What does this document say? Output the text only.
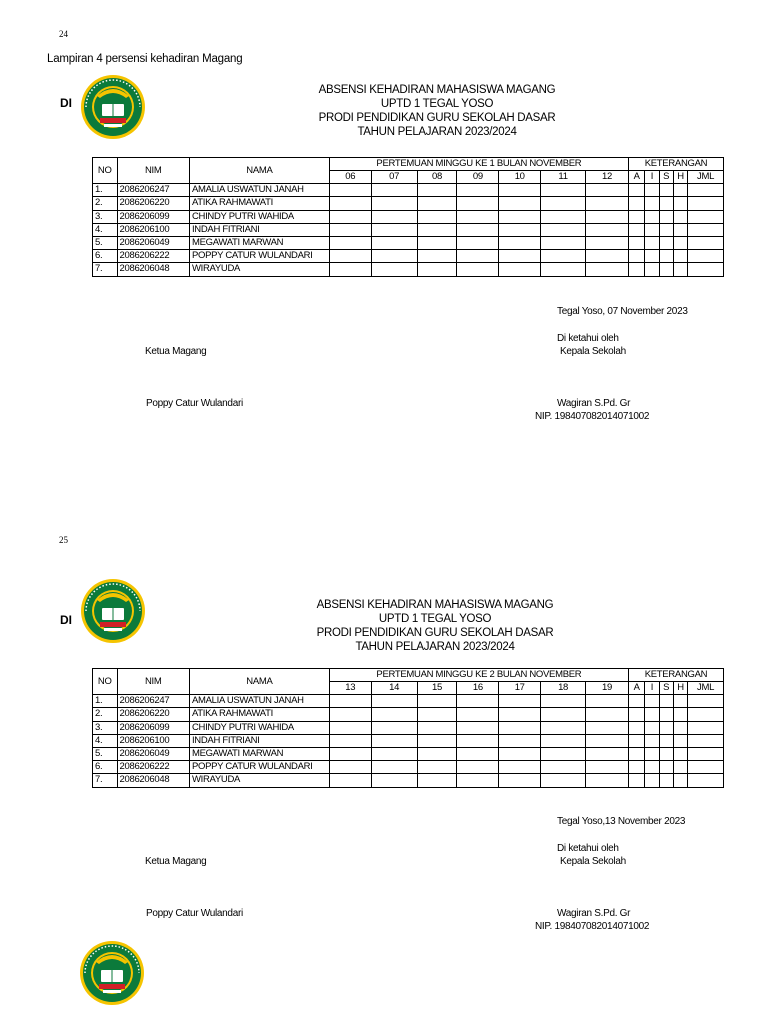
24
Lampiran 4 persensi kehadiran Magang
DI
ABSENSI KEHADIRAN MAHASISWA MAGANG
UPTD 1 TEGAL YOSO
PRODI PENDIDIKAN GURU SEKOLAH DASAR
TAHUN PELAJARAN 2023/2024
NO	NIM	NAMA	PERTEMUAN MINGGU KE 1 BULAN NOVEMBER							KETERANGAN				
			06	07	08	09	10	11	12	A	I	S	H	JML
1.	2086206247	AMALIA USWATUN JANAH												
2.	2086206220	ATIKA RAHMAWATI												
3.	2086206099	CHINDY PUTRI WAHIDA												
4.	2086206100	INDAH FITRIANI												
5.	2086206049	MEGAWATI MARWAN												
6.	2086206222	POPPY CATUR WULANDARI												
7.	2086206048	WIRAYUDA												
Tegal Yoso, 07 November 2023
Di ketahui oleh
Ketua Magang	Kepala Sekolah
Poppy Catur Wulandari	Wagiran S.Pd. Gr
NIP. 198407082014071002
25
DI
ABSENSI KEHADIRAN MAHASISWA MAGANG
UPTD 1 TEGAL YOSO
PRODI PENDIDIKAN GURU SEKOLAH DASAR
TAHUN PELAJARAN 2023/2024
NO	NIM	NAMA	PERTEMUAN MINGGU KE 2 BULAN NOVEMBER							KETERANGAN				
			13	14	15	16	17	18	19	A	I	S	H	JML
1.	2086206247	AMALIA USWATUN JANAH												
2.	2086206220	ATIKA RAHMAWATI												
3.	2086206099	CHINDY PUTRI WAHIDA												
4.	2086206100	INDAH FITRIANI												
5.	2086206049	MEGAWATI MARWAN												
6.	2086206222	POPPY CATUR WULANDARI												
7.	2086206048	WIRAYUDA												
Tegal Yoso,13 November 2023
Di ketahui oleh
Ketua Magang	Kepala Sekolah
Poppy Catur Wulandari	Wagiran S.Pd. Gr
NIP. 198407082014071002
